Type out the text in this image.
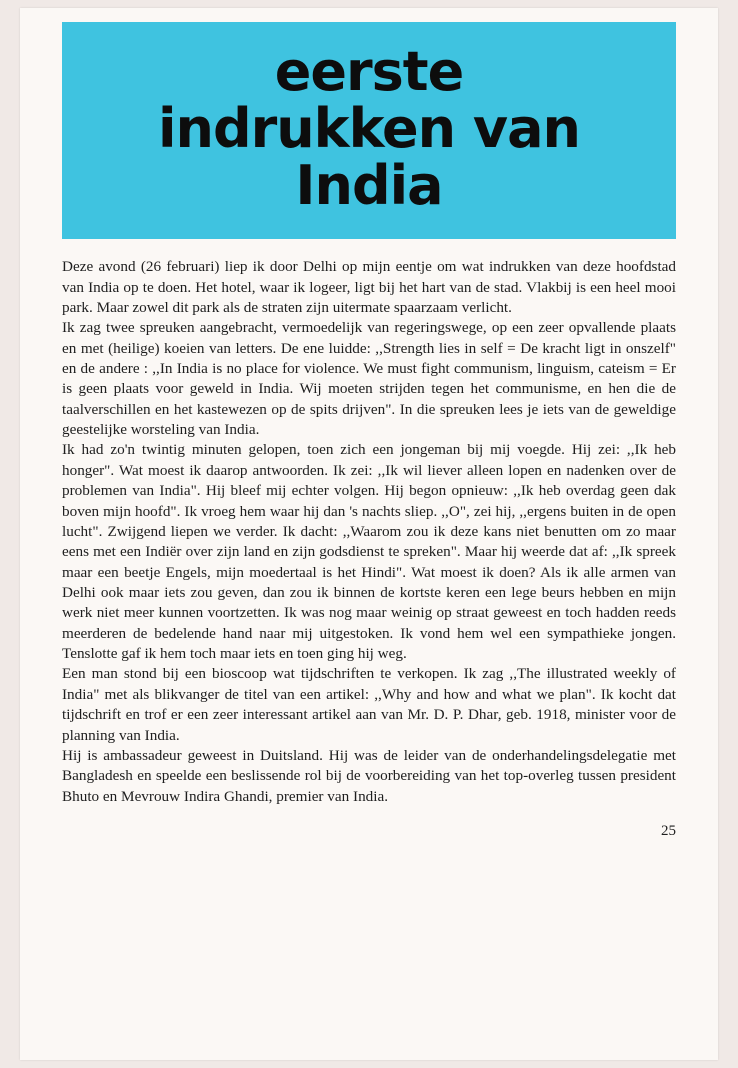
eerste
indrukken van
India

Deze avond (26 februari) liep ik door Delhi op mijn eentje om wat indrukken van deze hoofdstad van India op te doen. Het hotel, waar ik logeer, ligt bij het hart van de stad. Vlakbij is een heel mooi park. Maar zowel dit park als de straten zijn uitermate spaarzaam verlicht.

Ik zag twee spreuken aangebracht, vermoedelijk van regeringswege, op een zeer opvallende plaats en met (heilige) koeien van letters. De ene luidde: ,,Strength lies in self = De kracht ligt in onszelf" en de andere : ,,In India is no place for violence. We must fight communism, linguism, cateism = Er is geen plaats voor geweld in India. Wij moeten strijden tegen het communisme, en hen die de taalverschillen en het kastewezen op de spits drijven". In die spreuken lees je iets van de geweldige geestelijke worsteling van India.

Ik had zo'n twintig minuten gelopen, toen zich een jongeman bij mij voegde. Hij zei: ,,Ik heb honger". Wat moest ik daarop antwoorden. Ik zei: ,,Ik wil liever alleen lopen en nadenken over de problemen van India". Hij bleef mij echter volgen. Hij begon opnieuw: ,,Ik heb overdag geen dak boven mijn hoofd". Ik vroeg hem waar hij dan 's nachts sliep. ,,O", zei hij, ,,ergens buiten in de open lucht". Zwijgend liepen we verder. Ik dacht: ,,Waarom zou ik deze kans niet benutten om zo maar eens met een Indiër over zijn land en zijn godsdienst te spreken". Maar hij weerde dat af: ,,Ik spreek maar een beetje Engels, mijn moedertaal is het Hindi". Wat moest ik doen? Als ik alle armen van Delhi ook maar iets zou geven, dan zou ik binnen de kortste keren een lege beurs hebben en mijn werk niet meer kunnen voortzetten. Ik was nog maar weinig op straat geweest en toch hadden reeds meerderen de bedelende hand naar mij uitgestoken. Ik vond hem wel een sympathieke jongen. Tenslotte gaf ik hem toch maar iets en toen ging hij weg.

Een man stond bij een bioscoop wat tijdschriften te verkopen. Ik zag ,,The illustrated weekly of India" met als blikvanger de titel van een artikel: ,,Why and how and what we plan". Ik kocht dat tijdschrift en trof er een zeer interessant artikel aan van Mr. D. P. Dhar, geb. 1918, minister voor de planning van India.

Hij is ambassadeur geweest in Duitsland. Hij was de leider van de onderhandelingsdelegatie met Bangladesh en speelde een beslissende rol bij de voorbereiding van het top-overleg tussen president Bhuto en Mevrouw Indira Ghandi, premier van India.

25
